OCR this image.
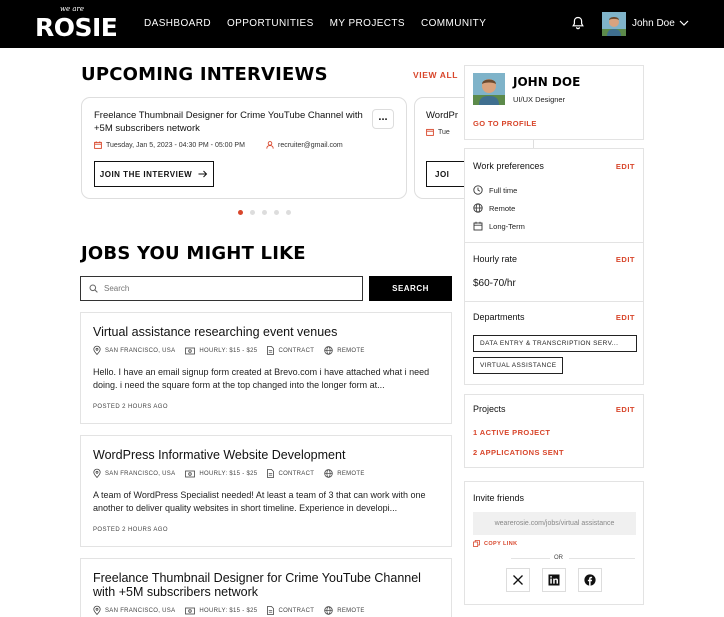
we are
ROSIE	DASHBOARD OPPORTUNITIES MY PROJECTS COMMUNITY	John Doe
UPCOMING INTERVIEWS	VIEW ALL
Freelance Thumbnail Designer for Crime YouTube Channel with +5M subscribers network
...
Tuesday, Jan 5, 2023 - 04:30 PM - 05:00 PM	recruiter@gmail.com
JOIN THE INTERVIEW
WordPr
Tue
JOI
JOBS YOU MIGHT LIKE
Search
SEARCH
Virtual assistance researching event venues
SAN FRANCISCO, USA	HOURLY: $15 - $25	CONTRACT	REMOTE
Hello. I have an email signup form created at Brevo.com i have attached what i need doing. i need the square form at the top changed into the longer form at...
POSTED 2 HOURS AGO
WordPress Informative Website Development
SAN FRANCISCO, USA	HOURLY: $15 - $25	CONTRACT	REMOTE
A team of WordPress Specialist needed! At least a team of 3 that can work with one another to deliver quality websites in short timeline. Experience in developi...
POSTED 2 HOURS AGO
Freelance Thumbnail Designer for Crime YouTube Channel with +5M subscribers network
SAN FRANCISCO, USA	HOURLY: $15 - $25	CONTRACT	REMOTE
JOHN DOE
UI/UX Designer
GO TO PROFILE
Work preferences	EDIT
Full time
Remote
Long-Term
Hourly rate	EDIT
$60-70/hr
Departments	EDIT
DATA ENTRY & TRANSCRIPTION SERV...
VIRTUAL ASSISTANCE
Projects	EDIT
1 ACTIVE PROJECT
2 APPLICATIONS SENT
Invite friends
wearerosie.com/jobs/virtual assistance
COPY LINK
OR
